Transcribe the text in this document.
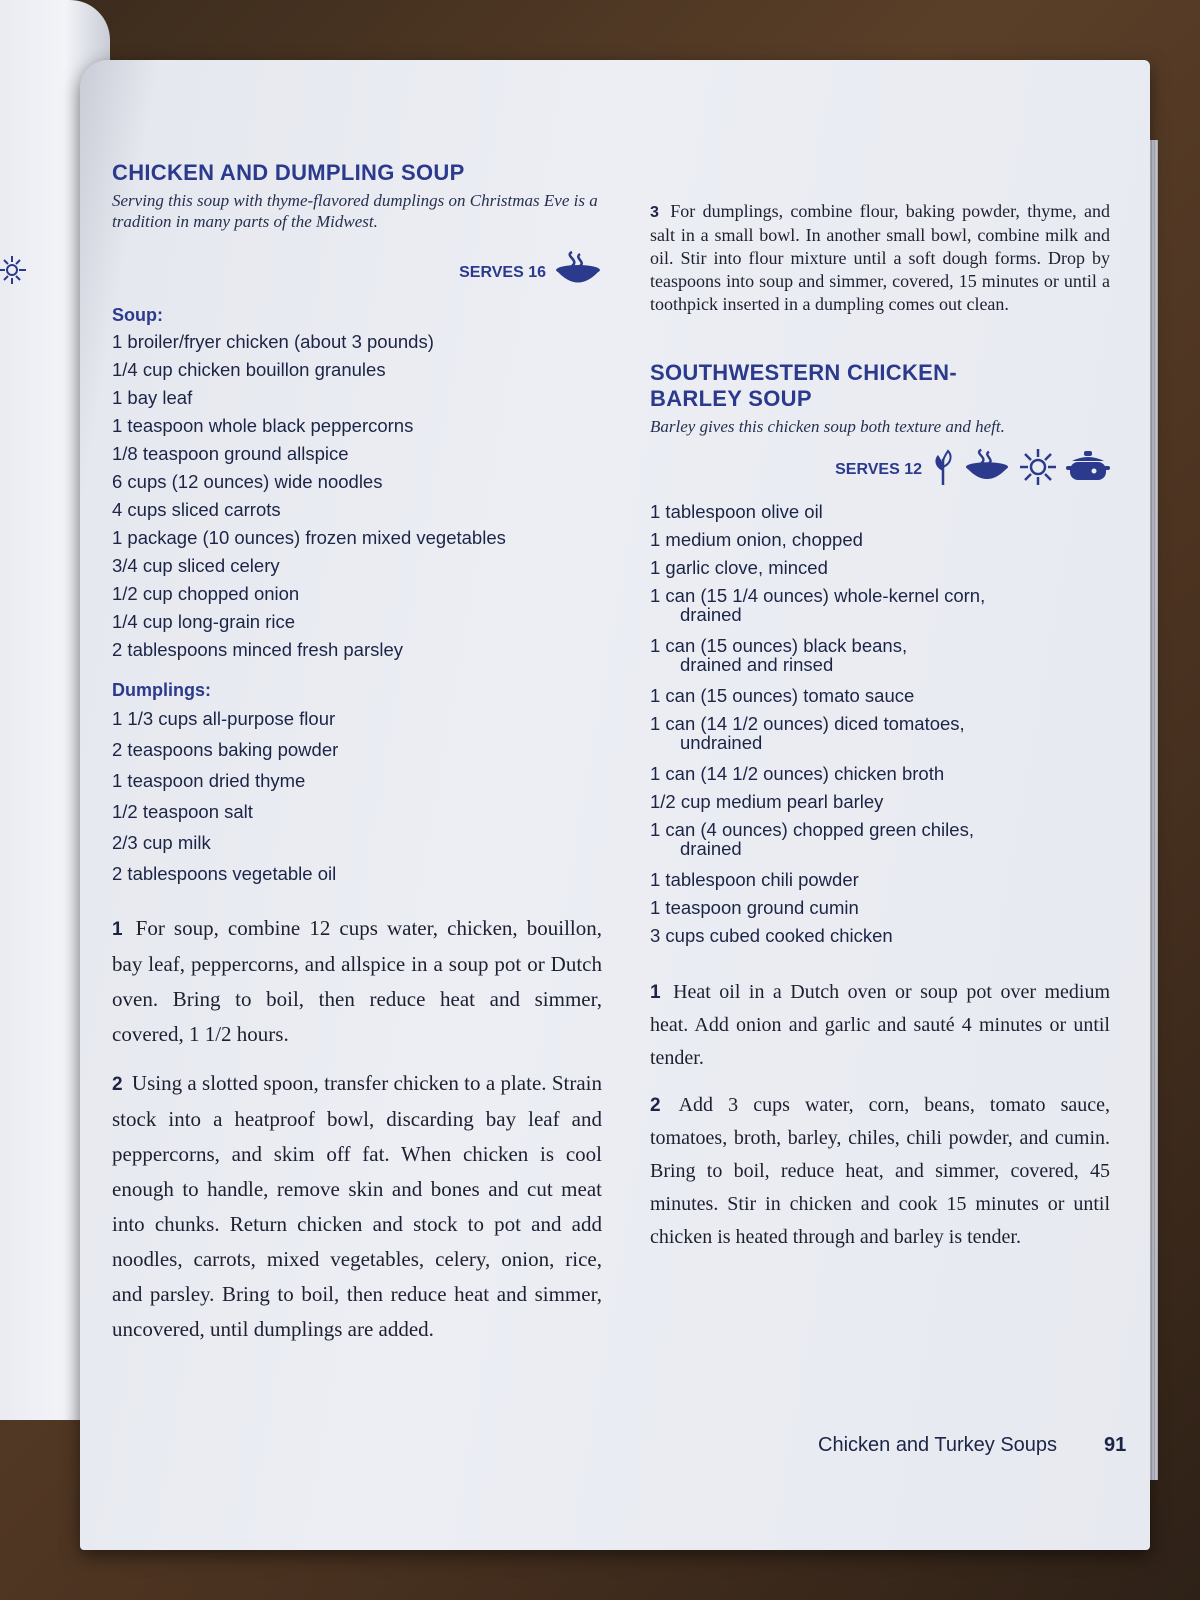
CHICKEN AND DUMPLING SOUP

Serving this soup with thyme-flavored dumplings on Christmas Eve is a tradition in many parts of the Midwest.

SERVES 16
Soup:
1 broiler/fryer chicken (about 3 pounds)
1/4 cup chicken bouillon granules
1 bay leaf
1 teaspoon whole black peppercorns
1/8 teaspoon ground allspice
6 cups (12 ounces) wide noodles
4 cups sliced carrots
1 package (10 ounces) frozen mixed vegetables
3/4 cup sliced celery
1/2 cup chopped onion
1/4 cup long-grain rice
2 tablespoons minced fresh parsley
Dumplings:
1 1/3 cups all-purpose flour
2 teaspoons baking powder
1 teaspoon dried thyme
1/2 teaspoon salt
2/3 cup milk
2 tablespoons vegetable oil

1 For soup, combine 12 cups water, chicken, bouillon, bay leaf, peppercorns, and allspice in a soup pot or Dutch oven. Bring to boil, then reduce heat and simmer, covered, 1 1/2 hours.

2 Using a slotted spoon, transfer chicken to a plate. Strain stock into a heatproof bowl, discarding bay leaf and peppercorns, and skim off fat. When chicken is cool enough to handle, remove skin and bones and cut meat into chunks. Return chicken and stock to pot and add noodles, carrots, mixed vegetables, celery, onion, rice, and parsley. Bring to boil, then reduce heat and simmer, uncovered, until dumplings are added.

3 For dumplings, combine flour, baking powder, thyme, and salt in a small bowl. In another small bowl, combine milk and oil. Stir into flour mixture until a soft dough forms. Drop by teaspoons into soup and simmer, covered, 15 minutes or until a toothpick inserted in a dumpling comes out clean.

SOUTHWESTERN CHICKEN-
BARLEY SOUP

Barley gives this chicken soup both texture and heft.

SERVES 12
1 tablespoon olive oil
1 medium onion, chopped
1 garlic clove, minced
1 can (15 1/4 ounces) whole-kernel corn,
drained
1 can (15 ounces) black beans,
drained and rinsed
1 can (15 ounces) tomato sauce
1 can (14 1/2 ounces) diced tomatoes,
undrained
1 can (14 1/2 ounces) chicken broth
1/2 cup medium pearl barley
1 can (4 ounces) chopped green chiles,
drained
1 tablespoon chili powder
1 teaspoon ground cumin
3 cups cubed cooked chicken

1 Heat oil in a Dutch oven or soup pot over medium heat. Add onion and garlic and sauté 4 minutes or until tender.

2 Add 3 cups water, corn, beans, tomato sauce, tomatoes, broth, barley, chiles, chili powder, and cumin. Bring to boil, reduce heat, and simmer, covered, 45 minutes. Stir in chicken and cook 15 minutes or until chicken is heated through and barley is tender.

Chicken and Turkey Soups 91
